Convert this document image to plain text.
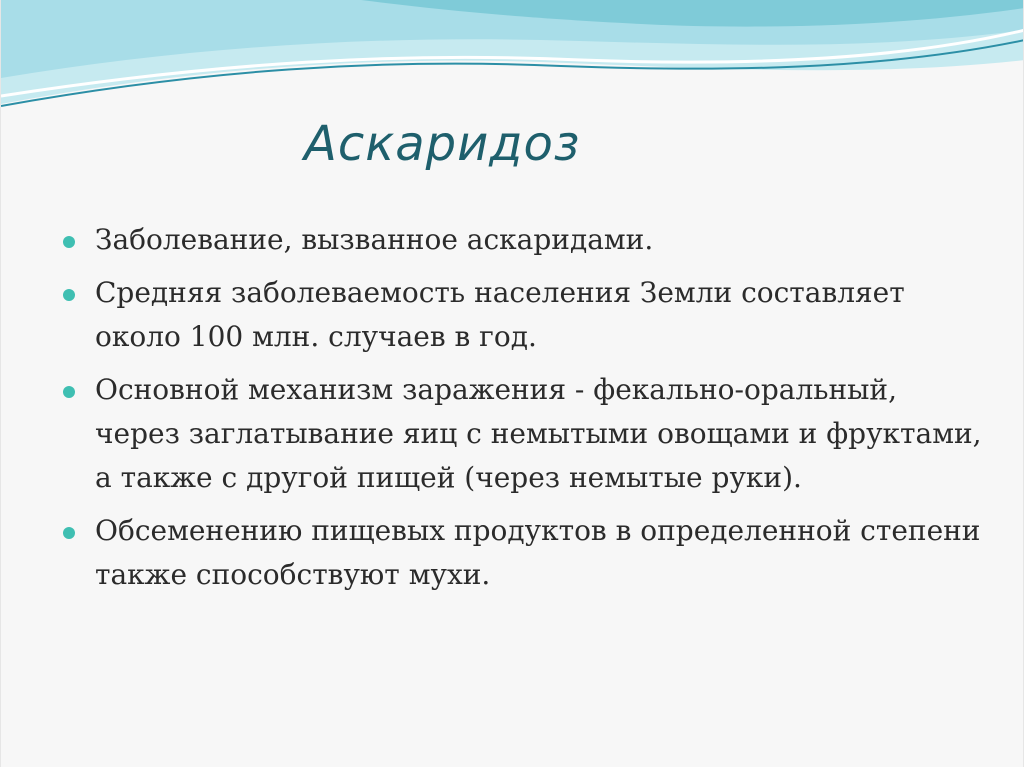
Аскаридоз
Заболевание, вызванное аскаридами.
Средняя заболеваемость населения Земли составляет около 100 млн. случаев в год.
Основной механизм заражения - фекально-оральный, через заглатывание яиц с немытыми овощами и фруктами, а также с другой пищей (через немытые руки).
Обсеменению пищевых продуктов в определенной степени также способствуют мухи.
